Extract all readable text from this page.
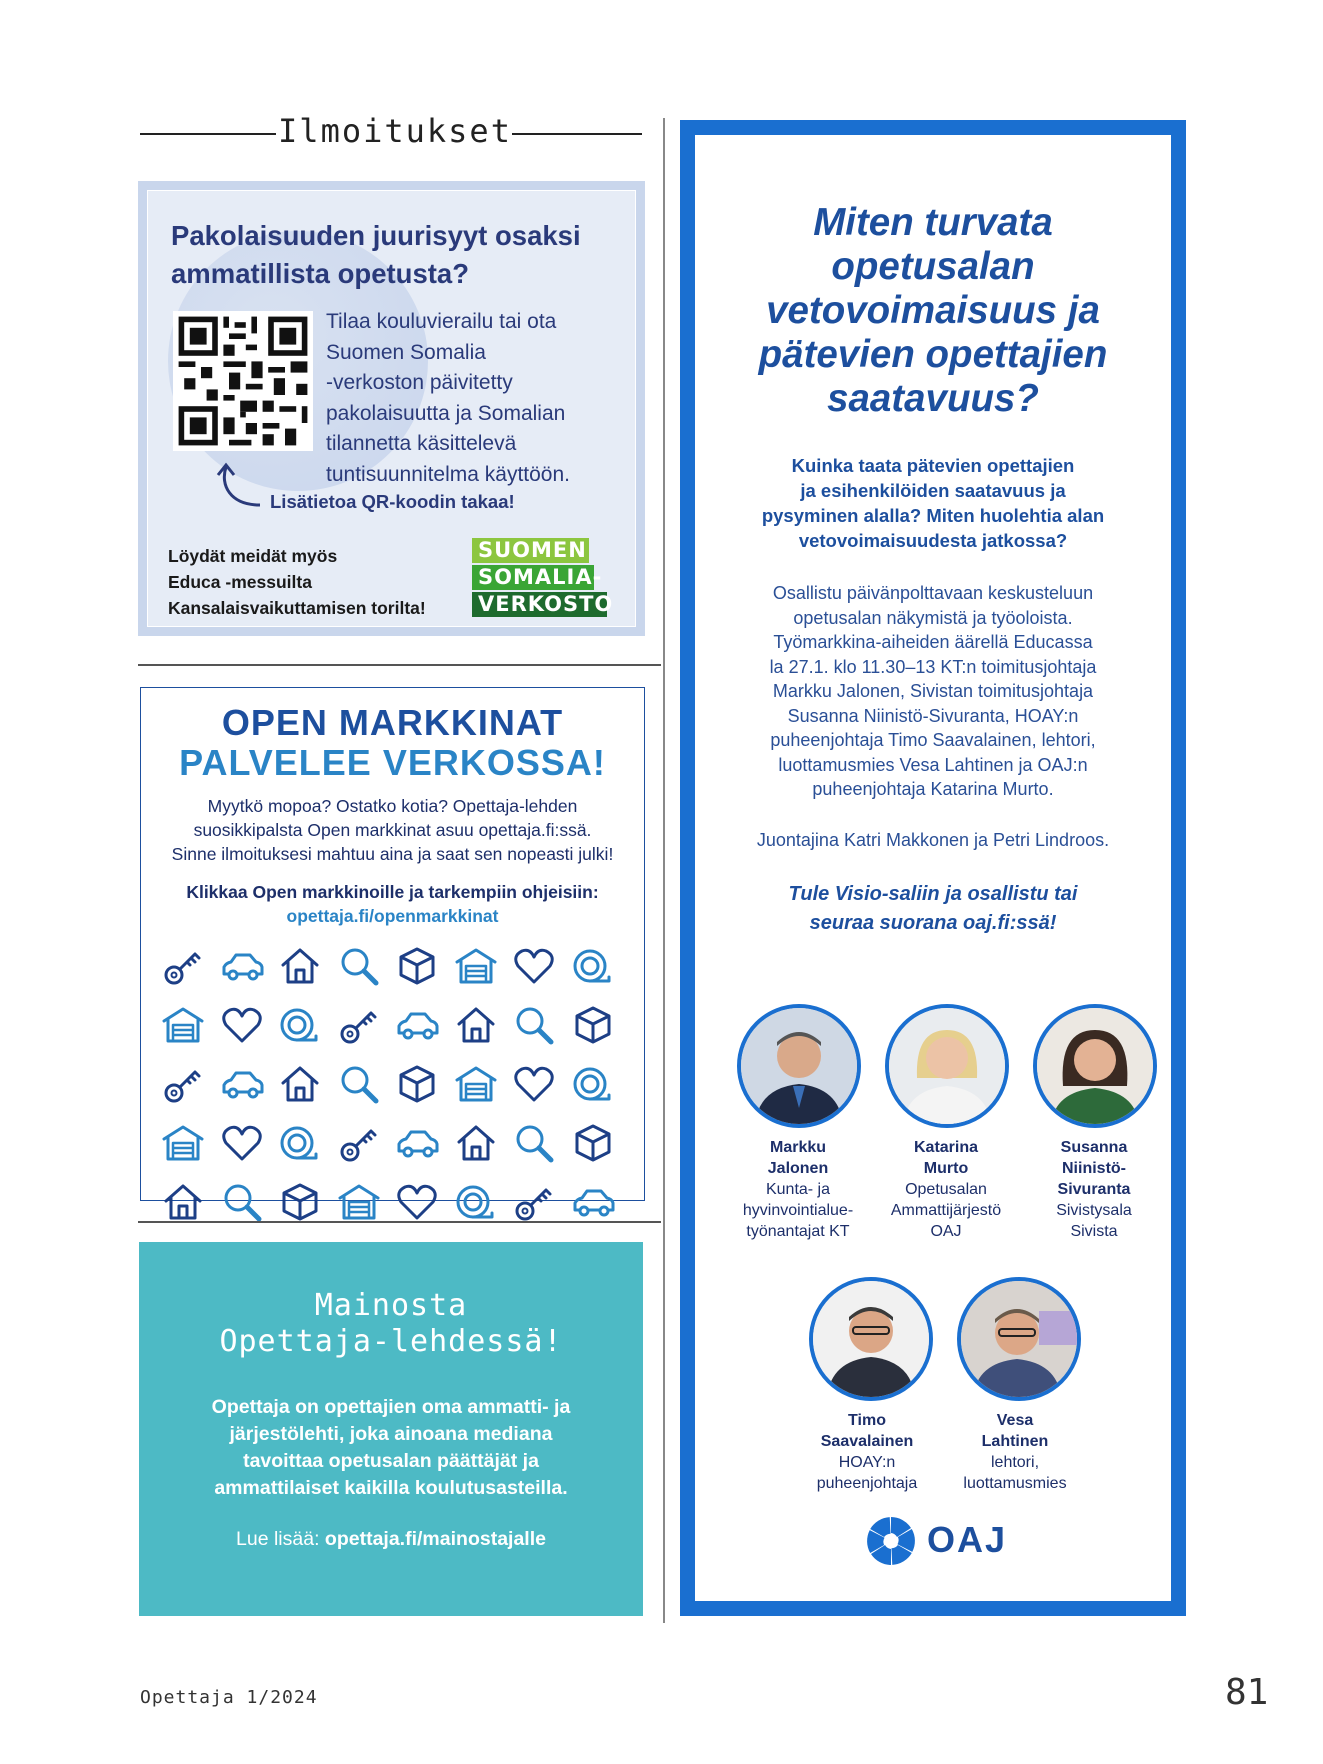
Ilmoitukset
Pakolaisuuden juurisyyt osaksi ammatillista opetusta?
Tilaa kouluvierailu tai ota
Suomen Somalia
-verkoston päivitetty
pakolaisuutta ja Somalian
tilannetta käsittelevä
tuntisuunnitelma käyttöön.
Lisätietoa QR-koodin takaa!
Löydät meidät myös
Educa -messuilta
Kansalaisvaikuttamisen torilta!
SUOMEN
SOMALIA-
VERKOSTO
OPEN MARKKINAT
PALVELEE VERKOSSA!
Myytkö mopoa? Ostatko kotia? Opettaja-lehden
suosikkipalsta Open markkinat asuu opettaja.fi:ssä.
Sinne ilmoituksesi mahtuu aina ja saat sen nopeasti julki!
Klikkaa Open markkinoille ja tarkempiin ohjeisiin:
opettaja.fi/openmarkkinat
Mainosta
Opettaja-lehdessä!
Opettaja on opettajien oma ammatti- ja
järjestölehti, joka ainoana mediana
tavoittaa opetusalan päättäjät ja
ammattilaiset kaikilla koulutusasteilla.
Lue lisää: opettaja.fi/mainostajalle
Miten turvata
opetusalan
vetovoimaisuus ja
pätevien opettajien
saatavuus?
Kuinka taata pätevien opettajien
ja esihenkilöiden saatavuus ja
pysyminen alalla? Miten huolehtia alan
vetovoimaisuudesta jatkossa?
Osallistu päivänpolttavaan keskusteluun
opetusalan näkymistä ja työoloista.
Työmarkkina-aiheiden äärellä Educassa
la 27.1. klo 11.30–13 KT:n toimitusjohtaja
Markku Jalonen, Sivistan toimitusjohtaja
Susanna Niinistö-Sivuranta, HOAY:n
puheenjohtaja Timo Saavalainen, lehtori,
luottamusmies Vesa Lahtinen ja OAJ:n
puheenjohtaja Katarina Murto.
Juontajina Katri Makkonen ja Petri Lindroos.
Tule Visio-saliin ja osallistu tai
seuraa suorana oaj.fi:ssä!
Markku
Jalonen
Kunta- ja
hyvinvointialue-
työnantajat KT
Katarina
Murto
Opetusalan
Ammattijärjestö
OAJ
Susanna
Niinistö-
Sivuranta
Sivistysala
Sivista
Timo
Saavalainen
HOAY:n
puheenjohtaja
Vesa
Lahtinen
lehtori,
luottamusmies
OAJ
Opettaja 1/2024	81
